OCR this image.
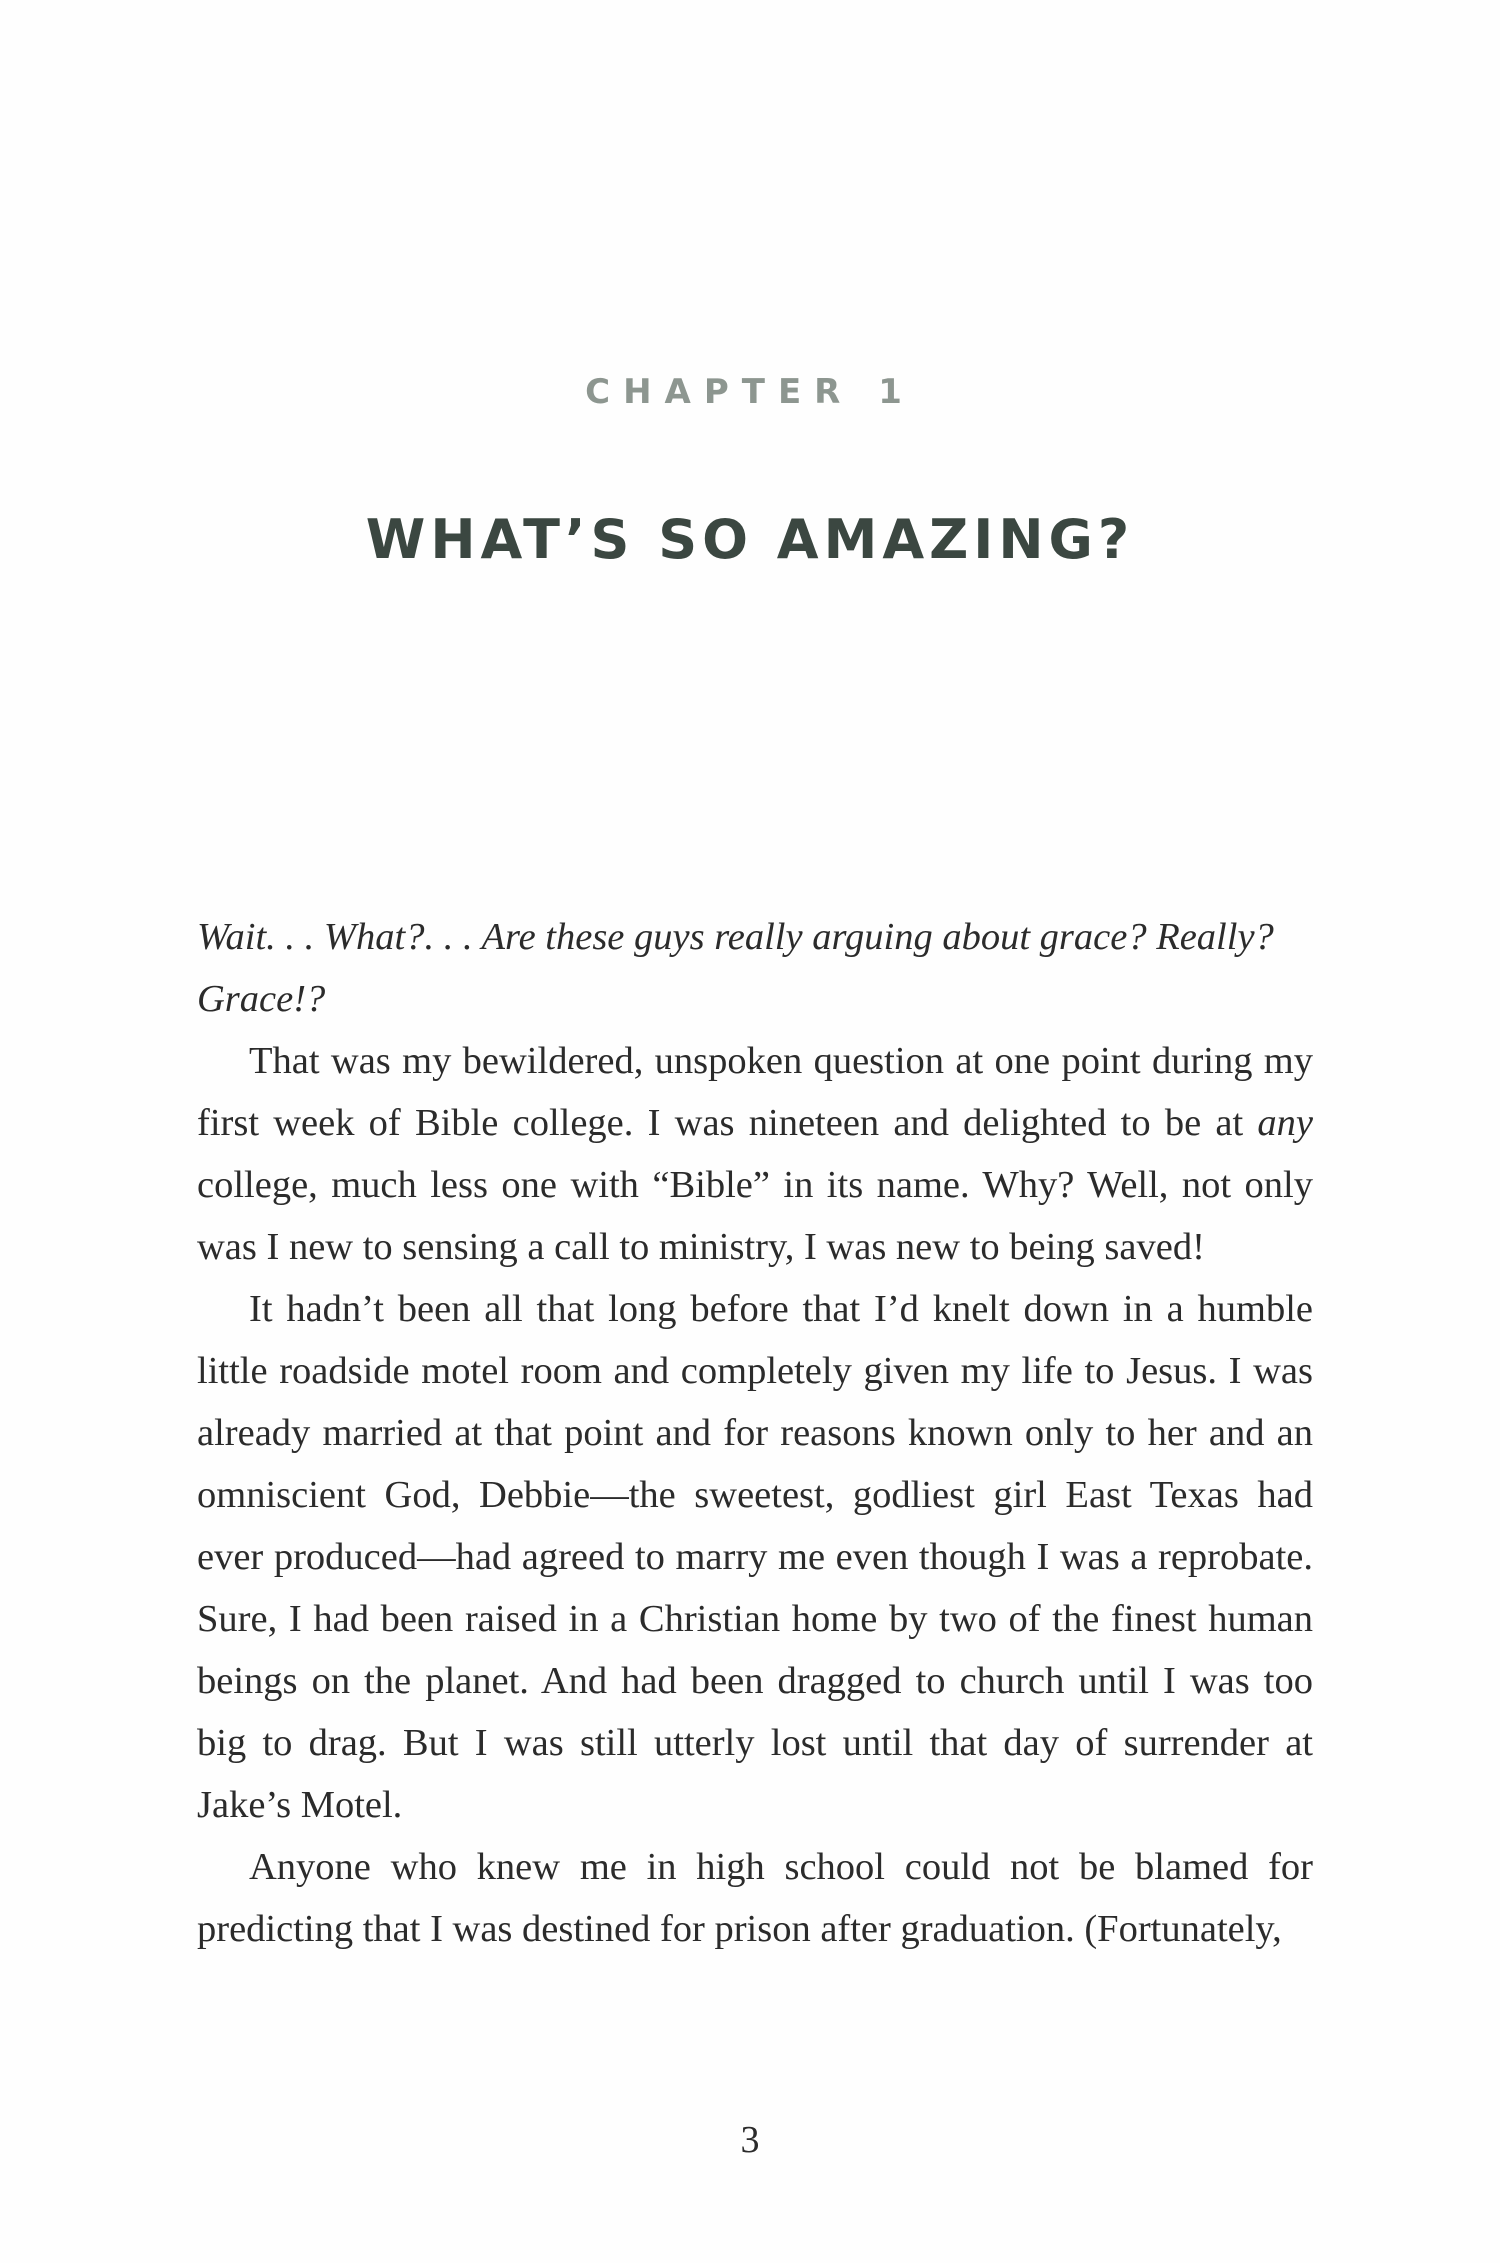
CHAPTER 1
WHAT’S SO AMAZING?

Wait. . . What?. . . Are these guys really arguing about grace? Really? Grace!?

That was my bewildered, unspoken question at one point during my first week of Bible college. I was nineteen and delighted to be at any college, much less one with “Bible” in its name. Why? Well, not only was I new to sensing a call to ministry, I was new to being saved!

It hadn’t been all that long before that I’d knelt down in a humble little roadside motel room and completely given my life to Jesus. I was already married at that point and for reasons known only to her and an omniscient God, Debbie—the sweetest, godliest girl East Texas had ever produced—had agreed to marry me even though I was a reprobate. Sure, I had been raised in a Christian home by two of the finest human beings on the planet. And had been dragged to church until I was too big to drag. But I was still utterly lost until that day of surrender at Jake’s Motel.

Anyone who knew me in high school could not be blamed for predicting that I was destined for prison after graduation. (Fortunately,

3
